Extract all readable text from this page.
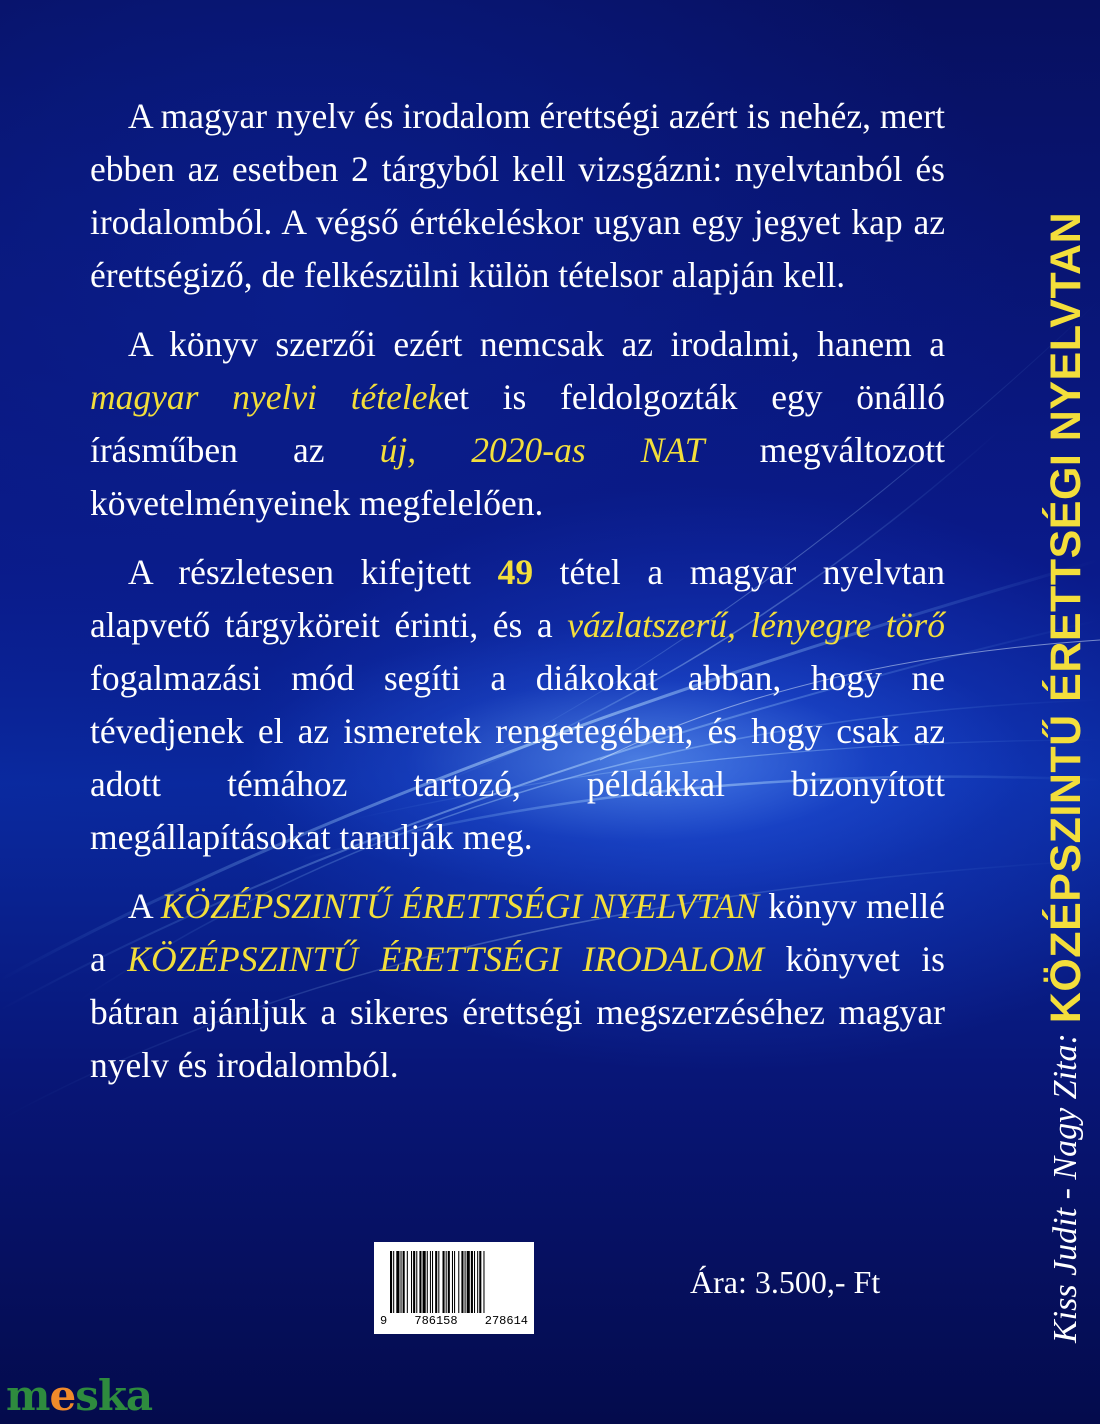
A magyar nyelv és irodalom érettségi azért is nehéz, mert ebben az esetben 2 tárgyból kell vizsgázni: nyelvtanból és irodalomból. A végső értékeléskor ugyan egy jegyet kap az érettségiző, de felkészülni külön tételsor alapján kell.

A könyv szerzői ezért nemcsak az irodalmi, hanem a magyar nyelvi tételeket is feldolgozták egy önálló írásműben az új, 2020-as NAT megváltozott követelményeinek megfelelően.

A részletesen kifejtett 49 tétel a magyar nyelvtan alapvető tárgyköreit érinti, és a vázlatszerű, lényegre törő fogalmazási mód segíti a diákokat abban, hogy ne tévedjenek el az ismeretek rengetegében, és hogy csak az adott témához tartozó, példákkal bizonyított megállapításokat tanulják meg.

A KÖZÉPSZINTŰ ÉRETTSÉGI NYELVTAN könyv mellé a KÖZÉPSZINTŰ ÉRETTSÉGI IRODALOM könyvet is bátran ajánljuk a sikeres érettségi megszerzéséhez magyar nyelv és irodalomból.	Kiss Judit - Nagy Zita:
KÖZÉPSZINTŰ ÉRETTSÉGI NYELVTAN
9 786158 278614
Ára: 3.500,- Ft
meska
